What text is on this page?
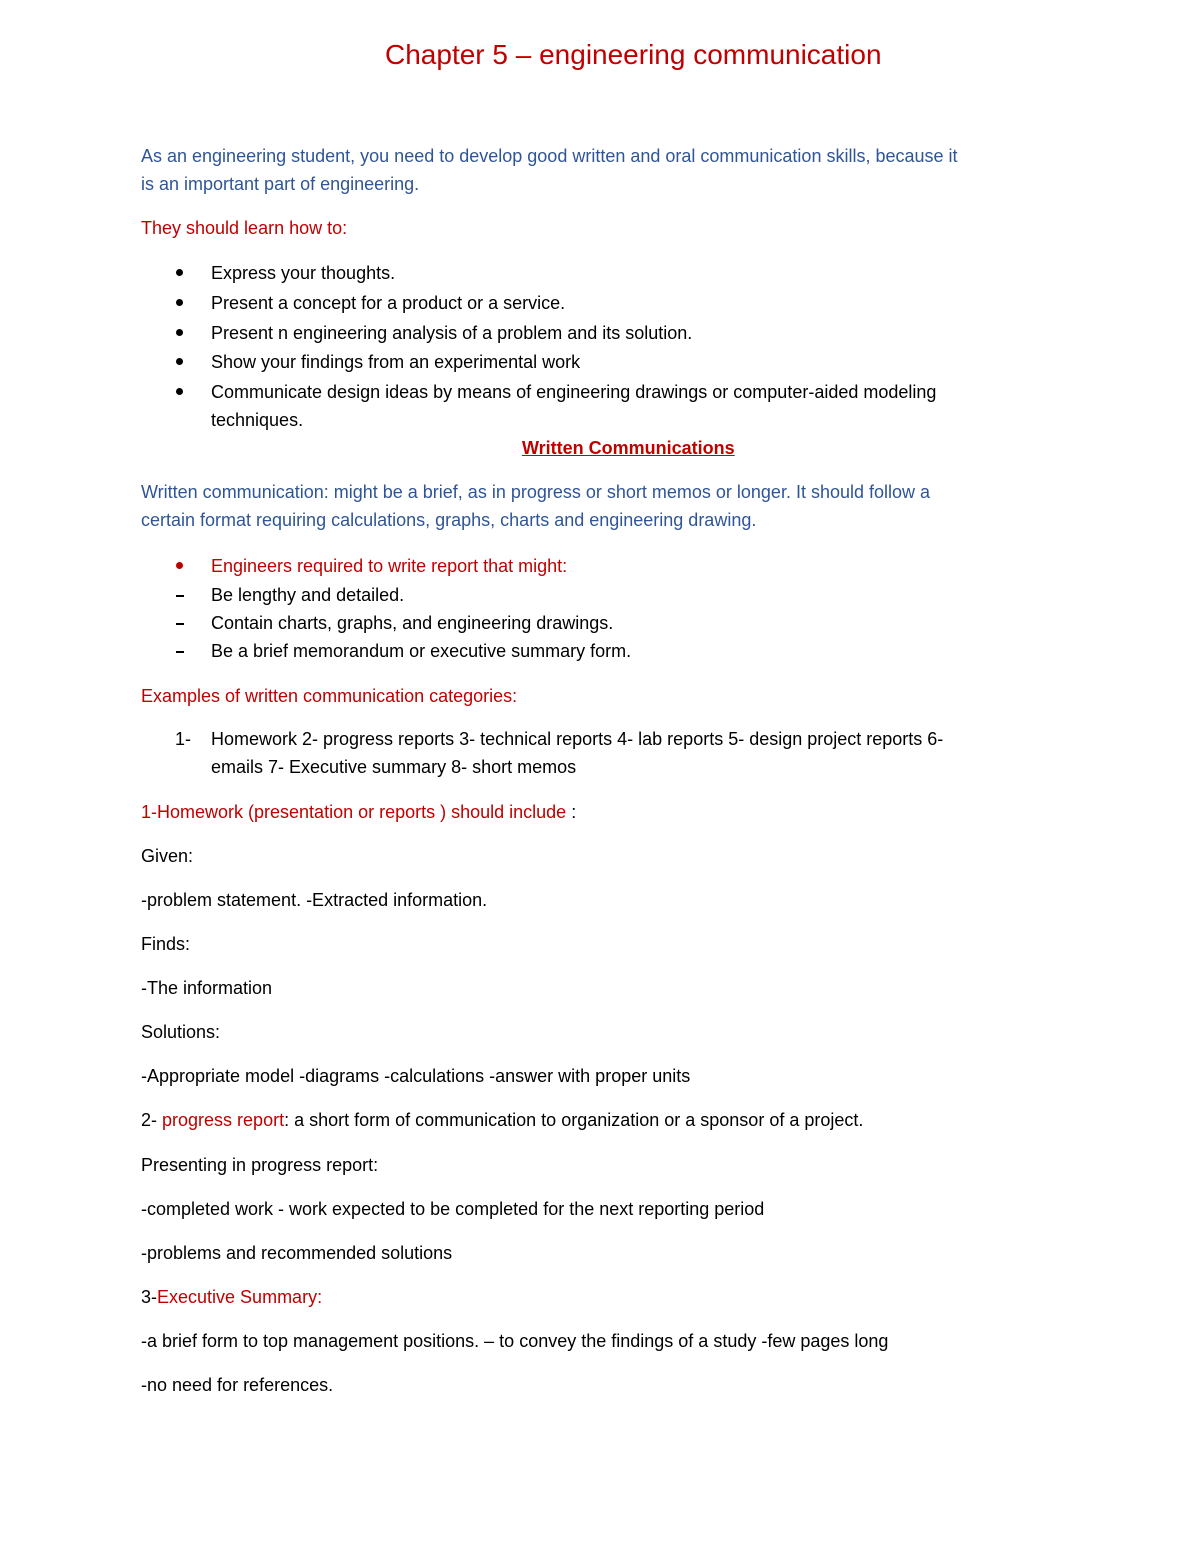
Chapter 5 – engineering communication
As an engineering student, you need to develop good written and oral communication skills, because it
is an important part of engineering.
They should learn how to:
Express your thoughts.
Present a concept for a product or a service.
Present n engineering analysis of a problem and its solution.
Show your findings from an experimental work
Communicate design ideas by means of engineering drawings or computer-aided modeling
techniques.
Written Communications
Written communication: might be a brief, as in progress or short memos or longer. It should follow a
certain format requiring calculations, graphs, charts and engineering drawing.
Engineers required to write report that might:
Be lengthy and detailed.
Contain charts, graphs, and engineering drawings.
Be a brief memorandum or executive summary form.
Examples of written communication categories:
1- Homework 2- progress reports 3- technical reports 4- lab reports 5- design project reports 6-
emails 7- Executive summary 8- short memos
1-Homework (presentation or reports ) should include :
Given:
-problem statement. -Extracted information.
Finds:
-The information
Solutions:
-Appropriate model -diagrams -calculations -answer with proper units
2- progress report: a short form of communication to organization or a sponsor of a project.
Presenting in progress report:
-completed work - work expected to be completed for the next reporting period
-problems and recommended solutions
3-Executive Summary:
-a brief form to top management positions. – to convey the findings of a study -few pages long
-no need for references.
